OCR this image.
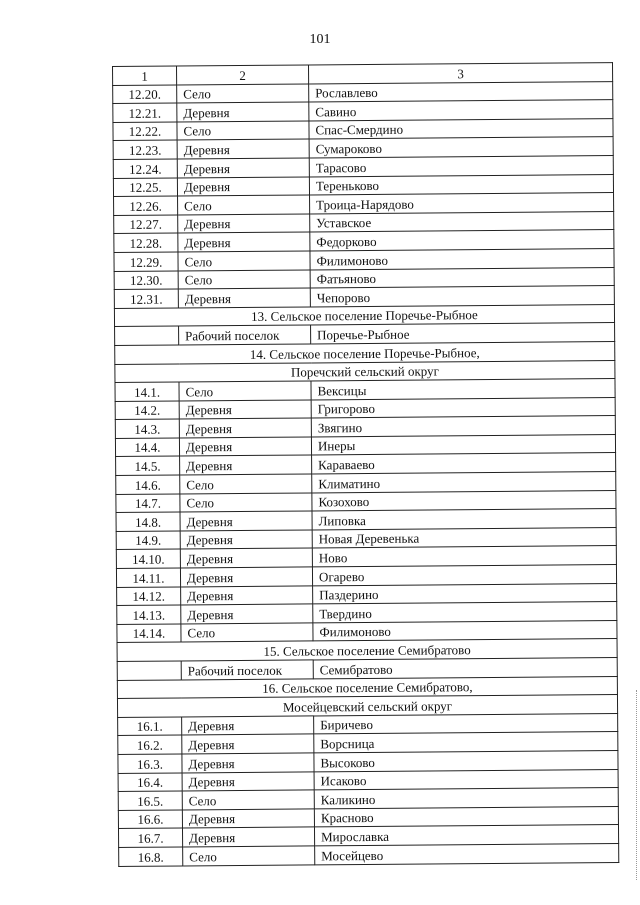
101
1	2	3
12.20.	Село	Рославлево
12.21.	Деревня	Савино
12.22.	Село	Спас-Смердино
12.23.	Деревня	Сумароково
12.24.	Деревня	Тарасово
12.25.	Деревня	Тереньково
12.26.	Село	Троица-Нарядово
12.27.	Деревня	Уставское
12.28.	Деревня	Федорково
12.29.	Село	Филимоново
12.30.	Село	Фатьяново
12.31.	Деревня	Чепорово
13. Сельское поселение Поречье-Рыбное		
	Рабочий поселок	Поречье-Рыбное
14. Сельское поселение Поречье-Рыбное,		
Поречский сельский округ		
14.1.	Село	Вексицы
14.2.	Деревня	Григорово
14.3.	Деревня	Звягино
14.4.	Деревня	Инеры
14.5.	Деревня	Караваево
14.6.	Село	Климатино
14.7.	Село	Козохово
14.8.	Деревня	Липовка
14.9.	Деревня	Новая Деревенька
14.10.	Деревня	Ново
14.11.	Деревня	Огарево
14.12.	Деревня	Паздерино
14.13.	Деревня	Твердино
14.14.	Село	Филимоново
15. Сельское поселение Семибратово		
	Рабочий поселок	Семибратово
16. Сельское поселение Семибратово,		
Мосейцевский сельский округ		
16.1.	Деревня	Биричево
16.2.	Деревня	Ворсница
16.3.	Деревня	Высоково
16.4.	Деревня	Исаково
16.5.	Село	Каликино
16.6.	Деревня	Красново
16.7.	Деревня	Мирославка
16.8.	Село	Мосейцево
